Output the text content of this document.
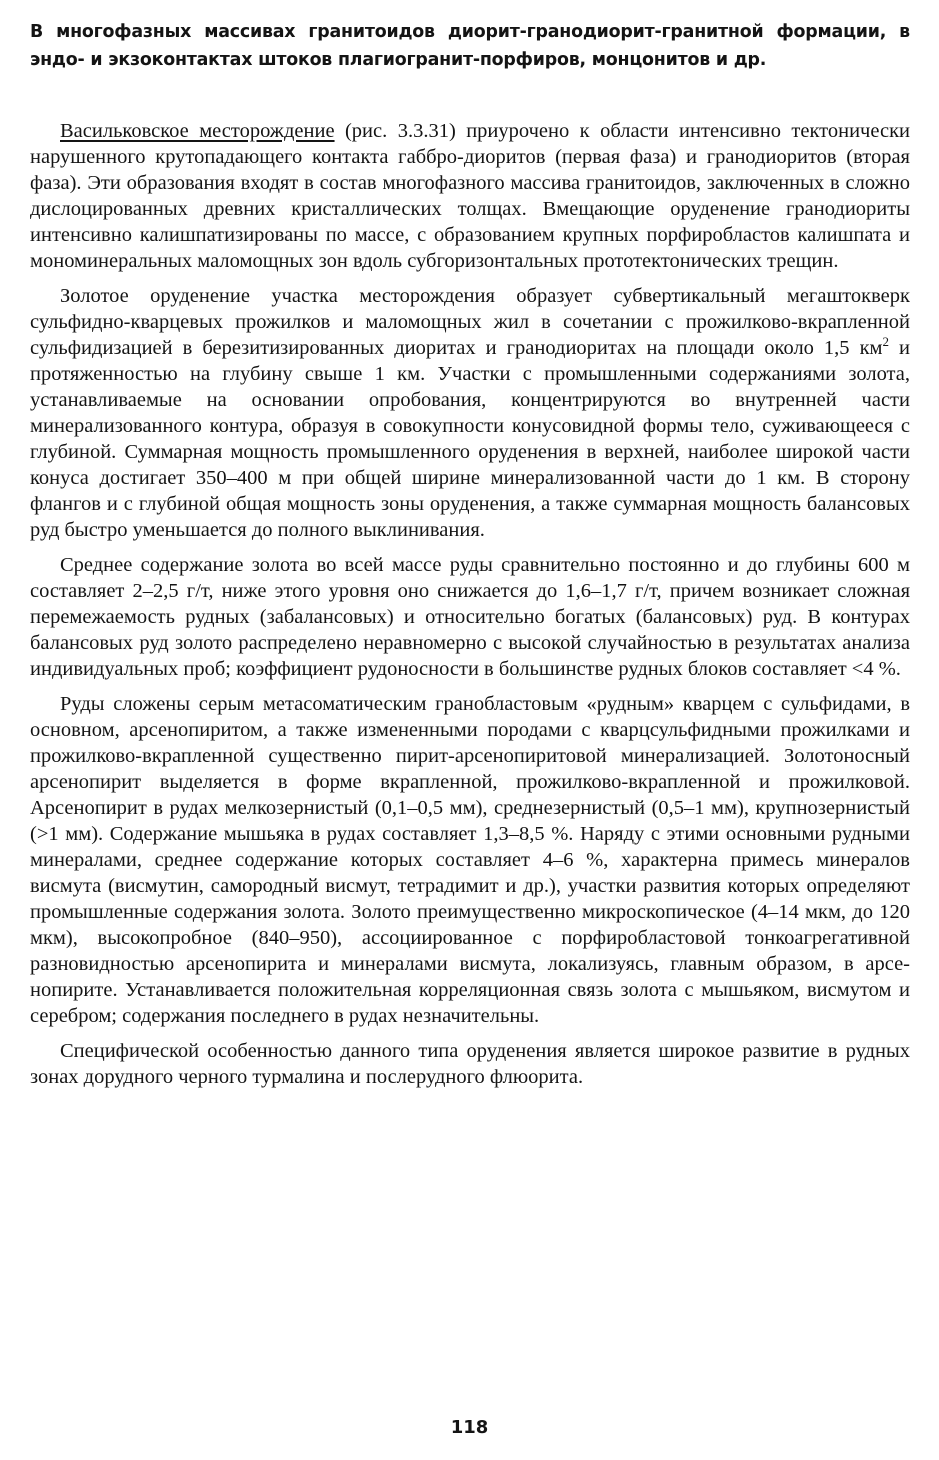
В многофазных массивах гранитоидов диорит-гранодиорит-гранитной формации, в эндо- и экзоконтактах штоков плагиогранит-порфиров, монцонитов и др.

Васильковское месторождение (рис. 3.3.31) приурочено к области интенсивно тектонически нарушенного крутопадающего контакта габбро-диоритов (первая фаза) и гранодиоритов (вторая фаза). Эти образования входят в состав многофазного массива гранитоидов, заключенных в сложно дислоцированных древних кристаллических толщах. Вмещающие оруденение гранодиориты интенсивно калишпатизированы по массе, с образованием крупных порфиробластов калишпата и мономинеральных маломощных зон вдоль субгоризонтальных прототектонических трещин.

Золотое оруденение участка месторождения образует субвертикальный мегаштокверк сульфидно-кварцевых прожилков и маломощных жил в сочетании с прожилково-вкрапленной сульфидизацией в березитизированных диоритах и гранодиоритах на площади около 1,5 $км^2$ и протяженностью на глубину свыше 1 км. Участки с промышленными содержаниями золота, устанавливаемые на основании опробования, концентрируются во внутренней части минерализованного контура, образуя в совокупности конусовидной формы тело, суживающееся с глубиной. Суммарная мощность промышленного оруденения в верхней, наиболее широкой части конуса достигает 350–400 м при общей ширине минерализованной части до 1 км. В сторону флангов и с глубиной общая мощность зоны оруденения, а также суммарная мощность балансовых руд быстро уменьшается до полного выклинивания.

Среднее содержание золота во всей массе руды сравнительно постоянно и до глубины 600 м составляет 2–2,5 г/т, ниже этого уровня оно снижается до 1,6–1,7 г/т, причем возникает сложная перемежаемость рудных (забалансовых) и относительно богатых (балансовых) руд. В контурах балансовых руд золото распределено неравномерно с высокой случайностью в результатах анализа индивидуальных проб; коэффициент рудоносности в большинстве рудных блоков составляет <4 %.

Руды сложены серым метасоматическим гранобластовым «рудным» кварцем с сульфидами, в основном, арсенопиритом, а также измененными породами с кварцсульфидными прожилками и прожилково-вкрапленной существенно пирит-арсенопиритовой минерализацией. Золотоносный арсенопирит выделяется в форме вкрапленной, прожилково-вкрапленной и прожилковой. Арсенопирит в рудах мелкозернистый (0,1–0,5 мм), среднезернистый (0,5–1 мм), крупнозернистый (>1 мм). Содержание мышьяка в рудах составляет 1,3–8,5 %. Наряду с этими основными рудными минералами, среднее содержание которых составляет 4–6 %, характерна примесь минералов висмута (висмутин, самородный висмут, тетрадимит и др.), участки развития которых определяют промышленные содержания золота. Золото преимущественно микроскопическое (4–14 мкм, до 120 мкм), высокопробное (840–950), ассоциированное с порфиробластовой тонкоагрегативной разновидностью арсенопирита и минералами висмута, локализуясь, главным образом, в арсенопирите. Устанавливается положительная корреляционная связь золота с мышьяком, висмутом и серебром; содержания последнего в рудах незначительны.

Специфической особенностью данного типа оруденения является широкое развитие в рудных зонах дорудного черного турмалина и послерудного флюорита.

118
